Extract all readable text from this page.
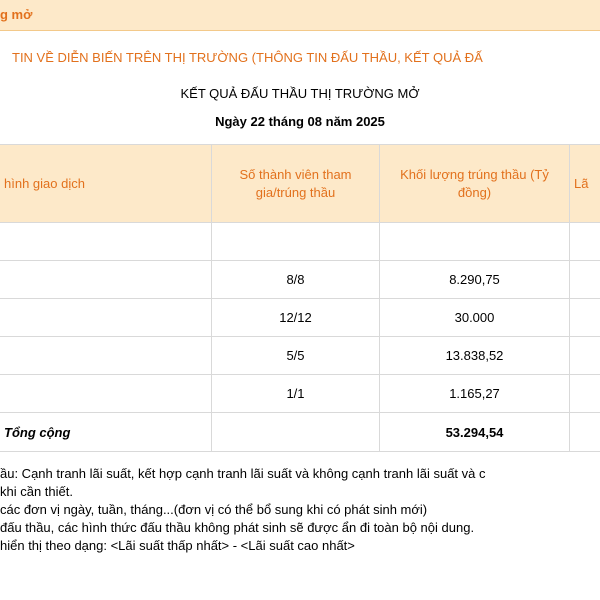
g mở
TIN VỀ DIỄN BIẾN TRÊN THỊ TRƯỜNG (THÔNG TIN ĐẤU THẦU, KẾT QUẢ ĐẤ
KẾT QUẢ ĐẤU THẦU THỊ TRƯỜNG MỞ
Ngày 22 tháng 08 năm 2025
hình giao dịch	Số thành viên tham gia/trúng thầu	Khối lượng trúng thầu (Tỷ đồng)	Lã

	8/8	8.290,75	
	12/12	30.000	
	5/5	13.838,52	
	1/1	1.165,27	
Tổng cộng		53.294,54	
ầu: Cạnh tranh lãi suất, kết hợp cạnh tranh lãi suất và không cạnh tranh lãi suất và c
khi cần thiết.
các đơn vị ngày, tuần, tháng...(đơn vị có thể bổ sung khi có phát sinh mới)
đấu thầu, các hình thức đấu thầu không phát sinh sẽ được ẩn đi toàn bộ nội dung.
hiển thị theo dạng: <Lãi suất thấp nhất> - <Lãi suất cao nhất>
